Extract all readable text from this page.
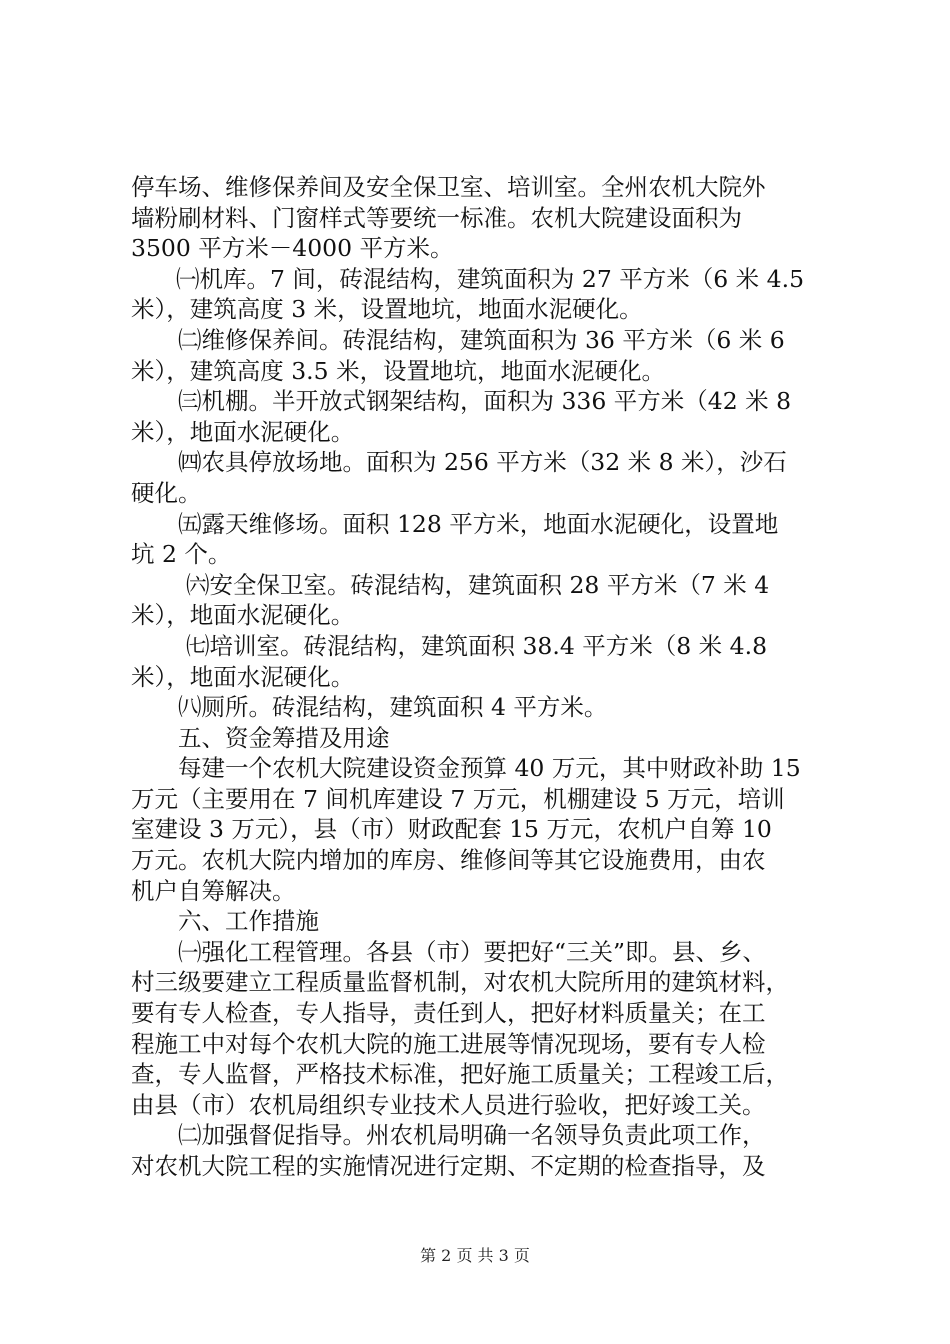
停车场、维修保养间及安全保卫室、培训室。全州农机大院外
墙粉刷材料、门窗样式等要统一标准。农机大院建设面积为
3500 平方米－4000 平方米。
㈠机库。7 间，砖混结构，建筑面积为 27 平方米（6 米 4.5
米），建筑高度 3 米，设置地坑，地面水泥硬化。
㈡维修保养间。砖混结构，建筑面积为 36 平方米（6 米 6
米），建筑高度 3.5 米，设置地坑，地面水泥硬化。
㈢机棚。半开放式钢架结构，面积为 336 平方米（42 米 8
米），地面水泥硬化。
㈣农具停放场地。面积为 256 平方米（32 米 8 米），沙石
硬化。
㈤露天维修场。面积 128 平方米，地面水泥硬化，设置地
坑 2 个。
㈥安全保卫室。砖混结构，建筑面积 28 平方米（7 米 4
米），地面水泥硬化。
㈦培训室。砖混结构，建筑面积 38.4 平方米（8 米 4.8
米），地面水泥硬化。
㈧厕所。砖混结构，建筑面积 4 平方米。
五、资金筹措及用途
每建一个农机大院建设资金预算 40 万元，其中财政补助 15
万元（主要用在 7 间机库建设 7 万元，机棚建设 5 万元，培训
室建设 3 万元），县（市）财政配套 15 万元，农机户自筹 10
万元。农机大院内增加的库房、维修间等其它设施费用，由农
机户自筹解决。
六、工作措施
㈠强化工程管理。各县（市）要把好“三关”即。县、乡、
村三级要建立工程质量监督机制，对农机大院所用的建筑材料，
要有专人检查，专人指导，责任到人，把好材料质量关；在工
程施工中对每个农机大院的施工进展等情况现场，要有专人检
查，专人监督，严格技术标准，把好施工质量关；工程竣工后，
由县（市）农机局组织专业技术人员进行验收，把好竣工关。
㈡加强督促指导。州农机局明确一名领导负责此项工作，
对农机大院工程的实施情况进行定期、不定期的检查指导，及
第 2 页 共 3 页
